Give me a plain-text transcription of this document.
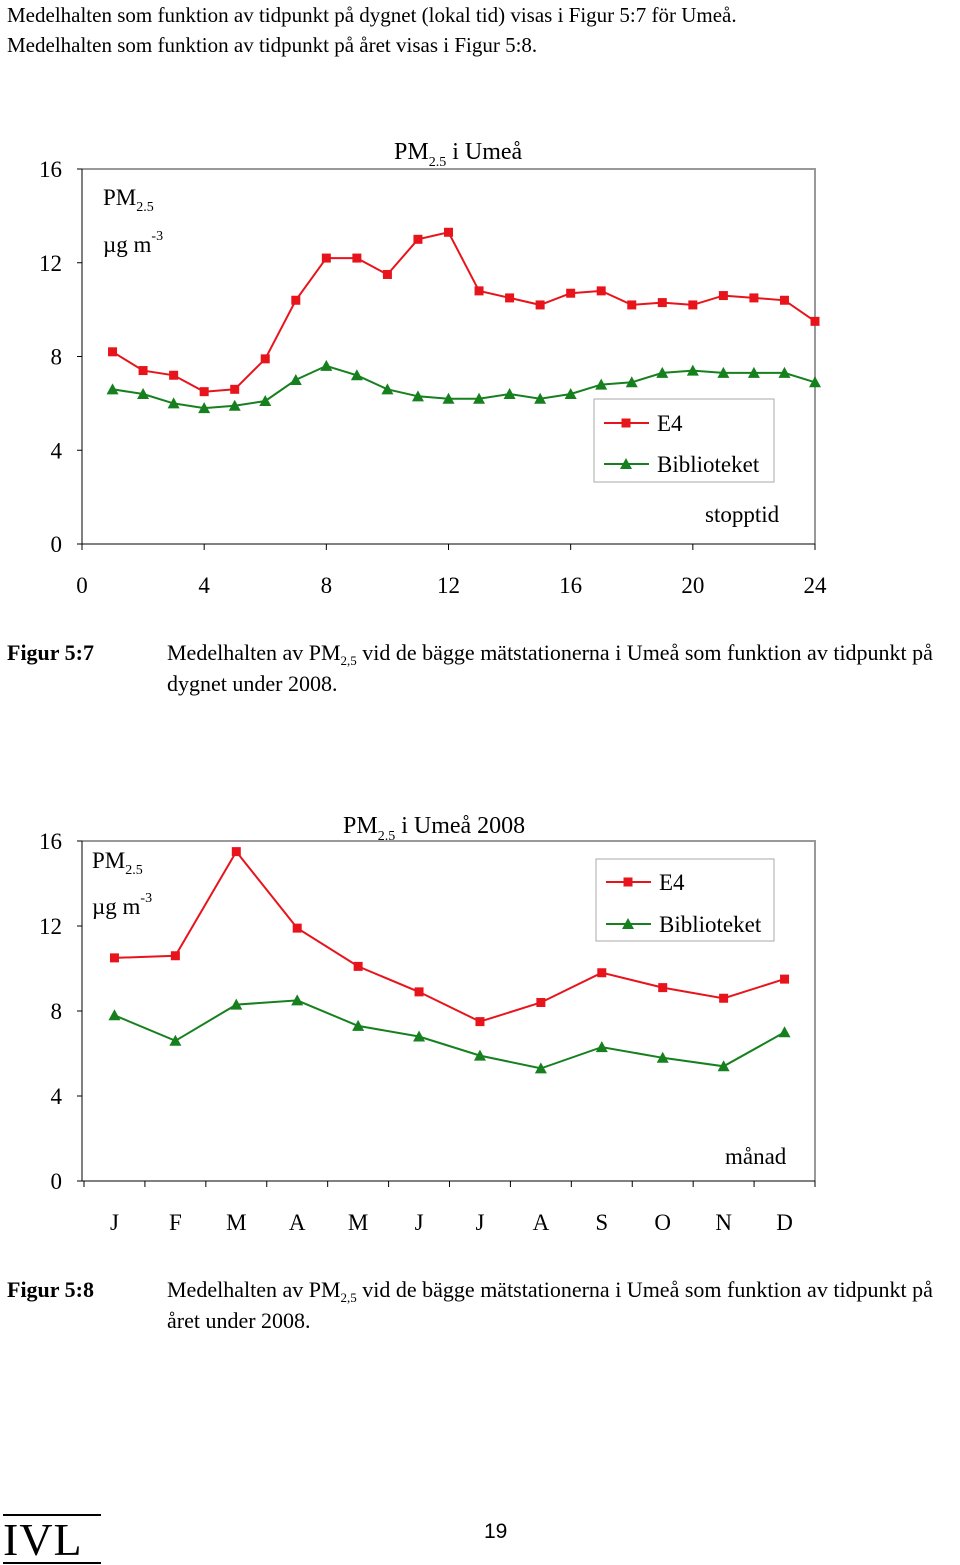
Medelhalten som funktion av tidpunkt på dygnet (lokal tid) visas i Figur 5:7 för Umeå.

Medelhalten som funktion av tidpunkt på året visas i Figur 5:8.

$PM_{2.5}$ i Umeå
$PM_{2.5}$
µg $m^{-3}$
0
4
8
12
16
0	4	8	12	16	20	24
E4
Biblioteket
stopptid
Figur 5:7	Medelhalten av $PM_{2,5}$ vid de bägge mätstationerna i Umeå som funktion av tidpunkt på dygnet under 2008.
$PM_{2.5}$ i Umeå 2008
$PM_{2.5}$
µg $m^{-3}$
0
4
8
12
16
J F M A M J J A S O N D
E4
Biblioteket
månad
Figur 5:8	Medelhalten av $PM_{2,5}$ vid de bägge mätstationerna i Umeå som funktion av tidpunkt på året under 2008.
IVL	19
